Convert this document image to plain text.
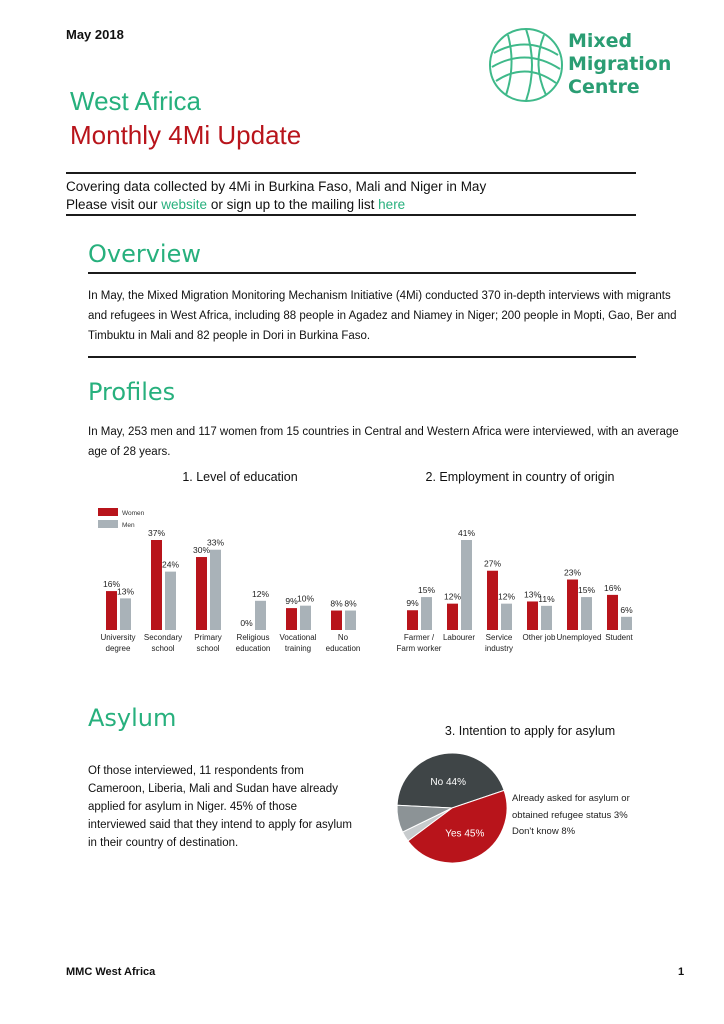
May 2018	Mixed
Migration
Centre
West Africa
Monthly 4Mi Update
Covering data collected by 4Mi in Burkina Faso, Mali and Niger in May
Please visit our website or sign up to the mailing list here
Overview
In May, the Mixed Migration Monitoring Mechanism Initiative (4Mi) conducted 370 in-depth interviews with migrants and refugees in West Africa, including 88 people in Agadez and Niamey in Niger; 200 people in Mopti, Gao, Ber and Timbuktu in Mali and 82 people in Dori in Burkina Faso.
Profiles
In May, 253 men and 117 women from 15 countries in Central and Western Africa were interviewed, with an average age of 28 years.
1. Level of education	2. Employment in country of origin
16%
13%
University
degree
37%
24%
Secondary
school
30%
33%
Primary
school
0%
12%
Religious
education
9% 10%
Vocational
training
8% 8%
No
education
Women
Men
9%
15%
Farmer /
Farm worker
12%
41%
Labourer
27%
12%
Service
industry
13%
11%
Other job
23%
15%
Unemployed
16%
6%
Student
Asylum
Of those interviewed, 11 respondents from Cameroon, Liberia, Mali and Sudan have already applied for asylum in Niger. 45% of those interviewed said that they intend to apply for asylum in their country of destination.
3. Intention to apply for asylum
No 44%
Yes 45%
Already asked for asylum or
obtained refugee status 3%
Don't know 8%
MMC West Africa	1
